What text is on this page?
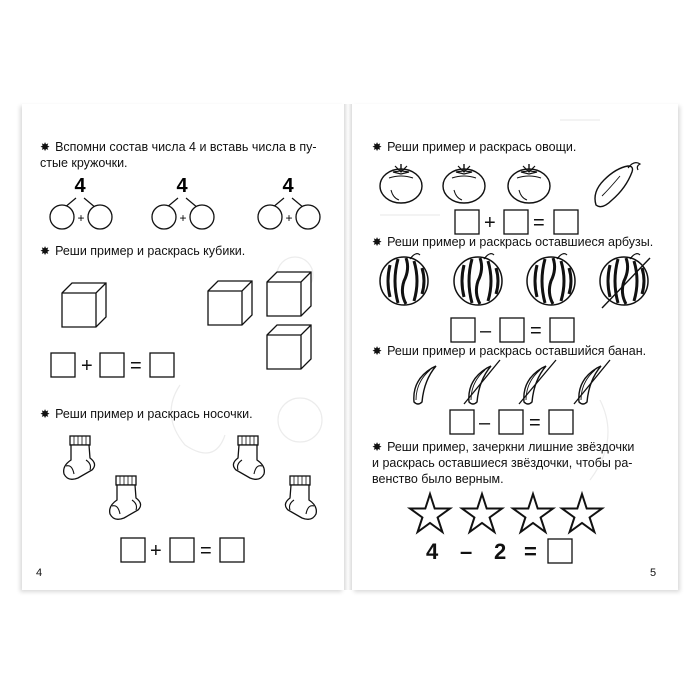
✸ Вспомни состав числа 4 и вставь числа в пу-
стые кружочки.
4
+
4
+
4
+
✸ Реши пример и раскрась кубики.
+ =
✸ Реши пример и раскрась носочки.
+ =
4
✸ Реши пример и раскрась овощи.
+ =
✸ Реши пример и раскрась оставшиеся арбузы.
– =
✸ Реши пример и раскрась оставшийся банан.
– =
✸ Реши пример, зачеркни лишние звёздочки
и раскрась оставшиеся звёздочки, чтобы ра-
венство было верным.
4 – 2 =
5
